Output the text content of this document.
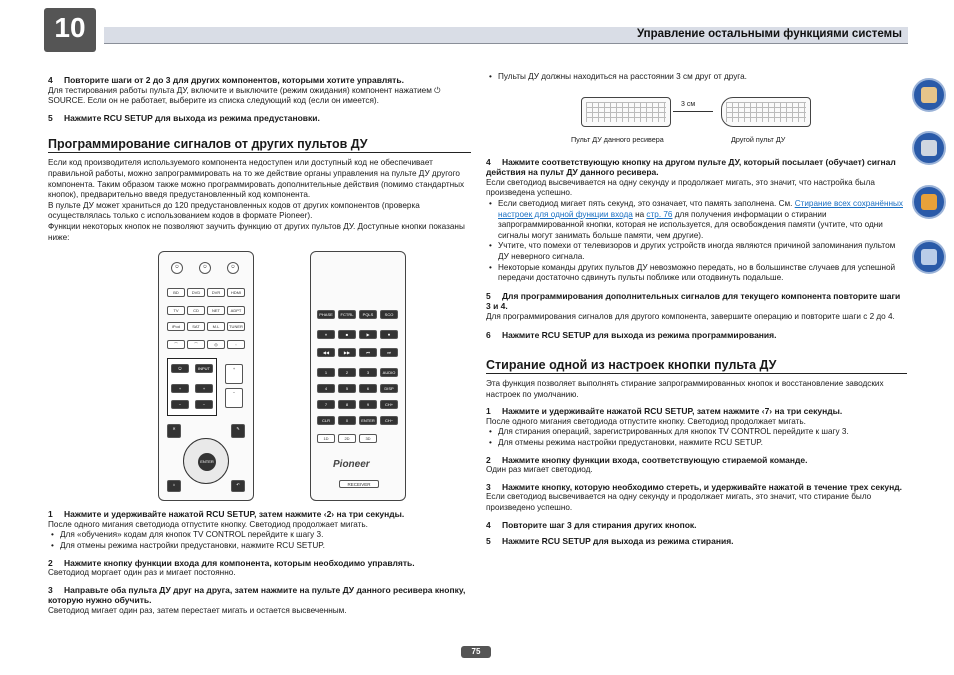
10	Управление остальными функциями системы
4 Повторите шаги от 2 до 3 для других компонентов, которыми хотите управлять.

Для тестирования работы пульта ДУ, включите и выключите (режим ожидания) компонент нажатием ⏻ SOURCE. Если он не работает, выберите из списка следующий код (если он имеется).

5 Нажмите RCU SETUP для выхода из режима предустановки.
Программирование сигналов от других пультов ДУ

Если код производителя используемого компонента недоступен или доступный код не обеспечивает правильной работы, можно запрограммировать на то же действие органы управления на пульте ДУ другого компонента. Таким образом также можно программировать дополнительные действия (помимо стандартных кнопок), предварительно введя предустановленный код компонента.

В пульте ДУ может храниться до 120 предустановленных кодов от других компонентов (проверка осуществлялась только с использованием кодов в формате Pioneer).

Функции некоторых кнопок не позволяют заучить функцию от других пультов ДУ. Доступные кнопки показаны ниже:

⏻	⏻	⏻
BD	DVD	DVR	HDMI
TV	CD	NET	ADPT
iPod	SAT	M.L	TUNER
⌒	⌒	◎	◦
⏻	INPUT
+	+
−	−
+
−
✕	✎
ENTER
⌂	↶
PHASE	FCTRL	PQLS	SCO
⏸	■	▶	⏺
◀◀	▶▶	⏮	⏭
1	2	3	AUDIO
4	5	6	DISP
7	8	9	CH+
CLR	0	ENTER	CH−
1D	2D	3D
Pioneer
RECEIVER
1 Нажмите и удерживайте нажатой RCU SETUP, затем нажмите ‹2› на три секунды.

После одного мигания светодиода отпустите кнопку. Светодиод продолжает мигать.

• Для «обучения» кодам для кнопок TV CONTROL перейдите к шагу 3.

• Для отмены режима настройки предустановки, нажмите RCU SETUP.

2 Нажмите кнопку функции входа для компонента, которым необходимо управлять.

Светодиод моргает один раз и мигает постоянно.

3 Направьте оба пульта ДУ друг на друга, затем нажмите на пульте ДУ данного ресивера кнопку, которую нужно обучить.

Светодиод мигает один раз, затем перестает мигать и остается высвеченным.

• Пульты ДУ должны находиться на расстоянии 3 см друг от друга.

3 см
Пульт ДУ данного ресивера	Другой пульт ДУ
4 Нажмите соответствующую кнопку на другом пульте ДУ, который посылает (обучает) сигнал действия на пульт ДУ данного ресивера.

Если светодиод высвечивается на одну секунду и продолжает мигать, это значит, что настройка была произведена успешно.

• Если светодиод мигает пять секунд, это означает, что память заполнена. См. Стирание всех сохранённых настроек для одной функции входа на стр. 76 для получения информации о стирании запрограммированной кнопки, которая не используется, для освобождения памяти (учтите, что одни сигналы могут занимать больше памяти, чем другие).

• Учтите, что помехи от телевизоров и других устройств иногда являются причиной запоминания пультом ДУ неверного сигнала.

• Некоторые команды других пультов ДУ невозможно передать, но в большинстве случаев для успешной передачи достаточно сдвинуть пульты поближе или отодвинуть подальше.

5 Для программирования дополнительных сигналов для текущего компонента повторите шаги 3 и 4.

Для программирования сигналов для другого компонента, завершите операцию и повторите шаги с 2 до 4.

6 Нажмите RCU SETUP для выхода из режима программирования.
Стирание одной из настроек кнопки пульта ДУ

Эта функция позволяет выполнять стирание запрограммированных кнопок и восстановление заводских настроек по умолчанию.

1 Нажмите и удерживайте нажатой RCU SETUP, затем нажмите ‹7› на три секунды.

После одного мигания светодиода отпустите кнопку. Светодиод продолжает мигать.

• Для стирания операций, зарегистрированных для кнопок TV CONTROL перейдите к шагу 3.

• Для отмены режима настройки предустановки, нажмите RCU SETUP.

2 Нажмите кнопку функции входа, соответствующую стираемой команде.

Один раз мигает светодиод.

3 Нажмите кнопку, которую необходимо стереть, и удерживайте нажатой в течение трех секунд.

Если светодиод высвечивается на одну секунду и продолжает мигать, это значит, что стирание было произведено успешно.

4 Повторите шаг 3 для стирания других кнопок.
5 Нажмите RCU SETUP для выхода из режима стирания.
75
